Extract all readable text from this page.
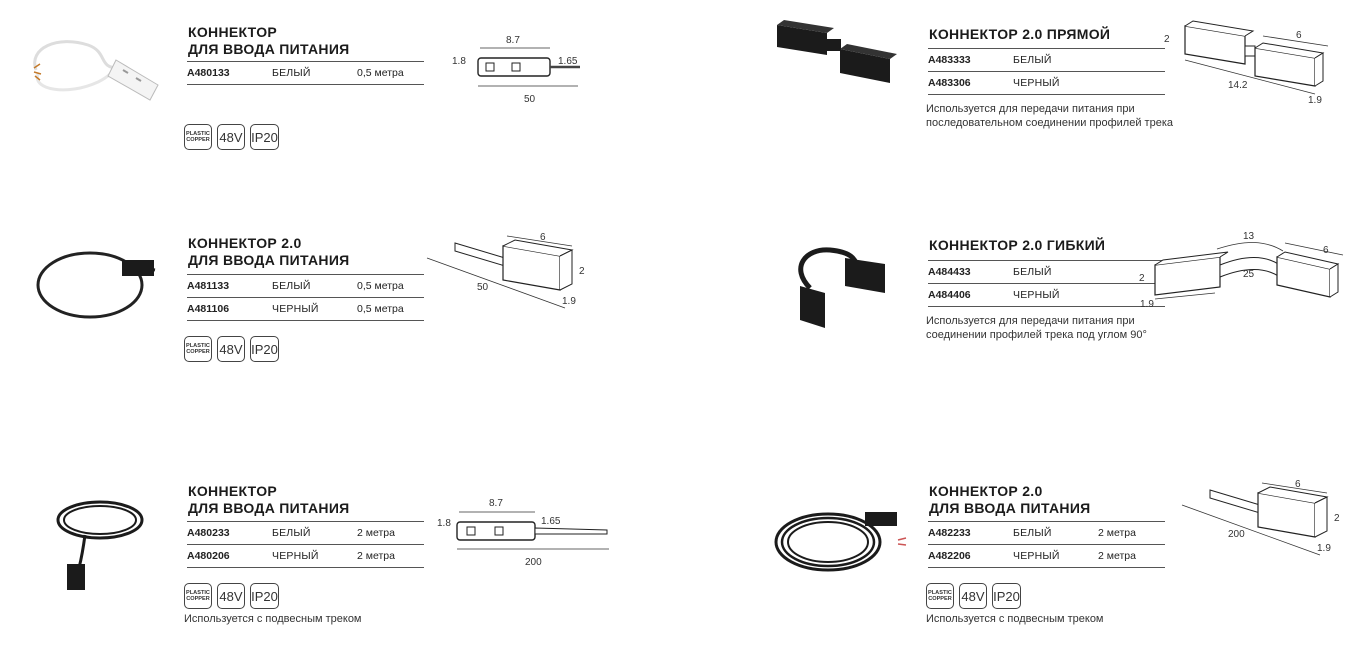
КОННЕКТОР
ДЛЯ ВВОДА ПИТАНИЯ
A480133	БЕЛЫЙ	0,5 метра
PLASTIC
COPPER 48V IP20
8.7
1.8	1.65
50
КОННЕКТОР 2.0
ДЛЯ ВВОДА ПИТАНИЯ
A481133	БЕЛЫЙ	0,5 метра
A481106	ЧЕРНЫЙ	0,5 метра
PLASTIC
COPPER 48V IP20
50
6
2
1.9
КОННЕКТОР
ДЛЯ ВВОДА ПИТАНИЯ
A480233	БЕЛЫЙ	2 метра
A480206	ЧЕРНЫЙ	2 метра
PLASTIC
COPPER 48V IP20
Используется с подвесным треком
8.7
1.8	1.65
200
КОННЕКТОР 2.0 ПРЯМОЙ
A483333	БЕЛЫЙ
A483306	ЧЕРНЫЙ
Используется для передачи питания при последовательном соединении профилей трека
2	6
14.2
1.9
КОННЕКТОР 2.0 ГИБКИЙ
A484433	БЕЛЫЙ
A484406	ЧЕРНЫЙ
Используется для передачи питания при соединении профилей трека под углом 90°
13
2	25
6
1.9
КОННЕКТОР 2.0
ДЛЯ ВВОДА ПИТАНИЯ
A482233	БЕЛЫЙ	2 метра
A482206	ЧЕРНЫЙ	2 метра
PLASTIC
COPPER 48V IP20
Используется с подвесным треком
200
6
2
1.9
